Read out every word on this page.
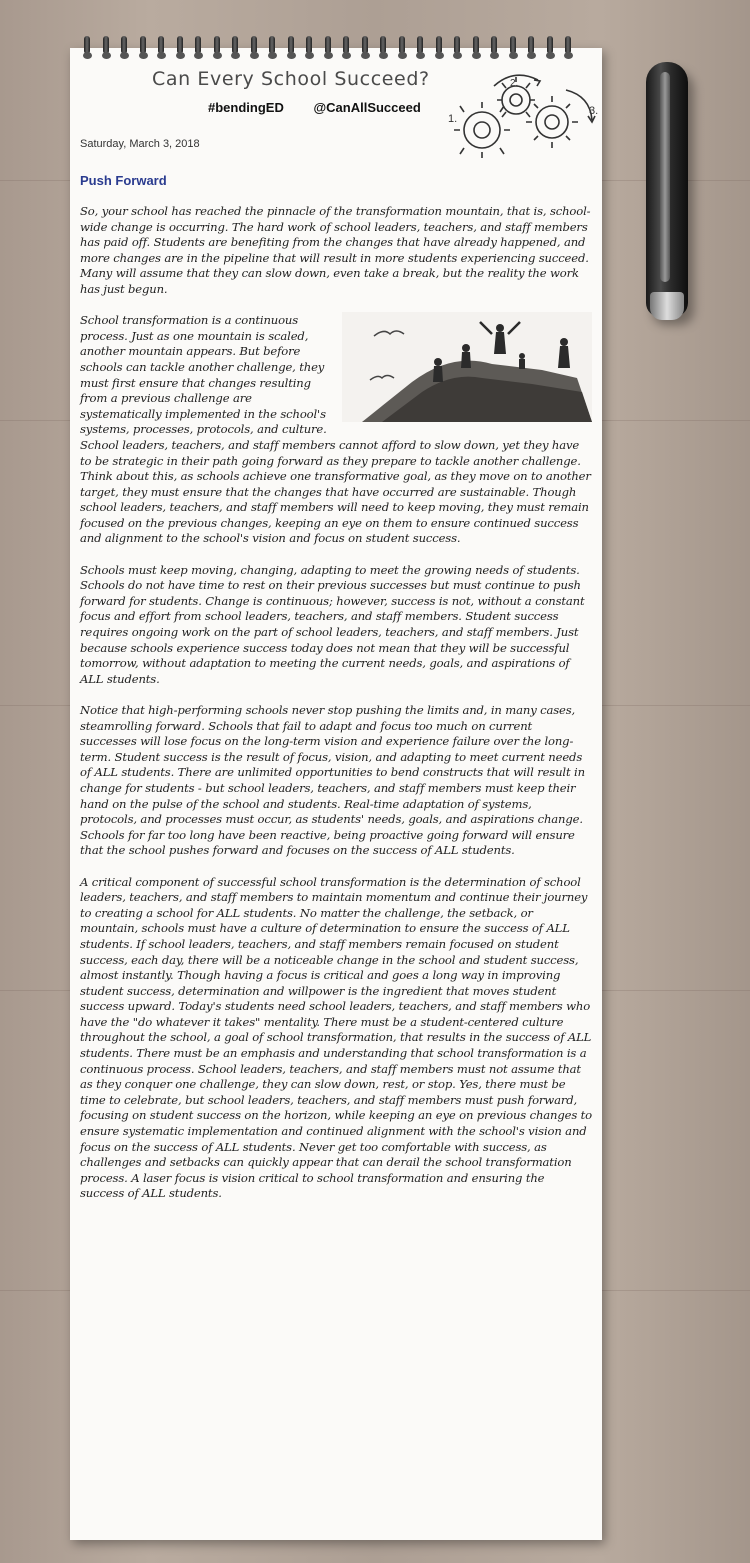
Can Every School Succeed?
#bendingED @CanAllSucceed
1.
2.
3.
Saturday, March 3, 2018
Push Forward

So, your school has reached the pinnacle of the transformation mountain, that is, school-wide change is occurring. The hard work of school leaders, teachers, and staff members has paid off. Students are benefiting from the changes that have already happened, and more changes are in the pipeline that will result in more students experiencing succeed. Many will assume that they can slow down, even take a break, but the reality the work has just begun.

School transformation is a continuous process. Just as one mountain is scaled, another mountain appears. But before schools can tackle another challenge, they must first ensure that changes resulting from a previous challenge are systematically implemented in the school's systems, processes, protocols, and culture. School leaders, teachers, and staff members cannot afford to slow down, yet they have to be strategic in their path going forward as they prepare to tackle another challenge. Think about this, as schools achieve one transformative goal, as they move on to another target, they must ensure that the changes that have occurred are sustainable. Though school leaders, teachers, and staff members will need to keep moving, they must remain focused on the previous changes, keeping an eye on them to ensure continued success and alignment to the school's vision and focus on student success.

Schools must keep moving, changing, adapting to meet the growing needs of students. Schools do not have time to rest on their previous successes but must continue to push forward for students. Change is continuous; however, success is not, without a constant focus and effort from school leaders, teachers, and staff members. Student success requires ongoing work on the part of school leaders, teachers, and staff members. Just because schools experience success today does not mean that they will be successful tomorrow, without adaptation to meeting the current needs, goals, and aspirations of ALL students.

Notice that high-performing schools never stop pushing the limits and, in many cases, steamrolling forward. Schools that fail to adapt and focus too much on current successes will lose focus on the long-term vision and experience failure over the long-term. Student success is the result of focus, vision, and adapting to meet current needs of ALL students. There are unlimited opportunities to bend constructs that will result in change for students - but school leaders, teachers, and staff members must keep their hand on the pulse of the school and students. Real-time adaptation of systems, protocols, and processes must occur, as students' needs, goals, and aspirations change. Schools for far too long have been reactive, being proactive going forward will ensure that the school pushes forward and focuses on the success of ALL students.

A critical component of successful school transformation is the determination of school leaders, teachers, and staff members to maintain momentum and continue their journey to creating a school for ALL students. No matter the challenge, the setback, or mountain, schools must have a culture of determination to ensure the success of ALL students. If school leaders, teachers, and staff members remain focused on student success, each day, there will be a noticeable change in the school and student success, almost instantly. Though having a focus is critical and goes a long way in improving student success, determination and willpower is the ingredient that moves student success upward. Today's students need school leaders, teachers, and staff members who have the "do whatever it takes" mentality. There must be a student-centered culture throughout the school, a goal of school transformation, that results in the success of ALL students. There must be an emphasis and understanding that school transformation is a continuous process. School leaders, teachers, and staff members must not assume that as they conquer one challenge, they can slow down, rest, or stop. Yes, there must be time to celebrate, but school leaders, teachers, and staff members must push forward, focusing on student success on the horizon, while keeping an eye on previous changes to ensure systematic implementation and continued alignment with the school's vision and focus on the success of ALL students. Never get too comfortable with success, as challenges and setbacks can quickly appear that can derail the school transformation process. A laser focus is vision critical to school transformation and ensuring the success of ALL students.
